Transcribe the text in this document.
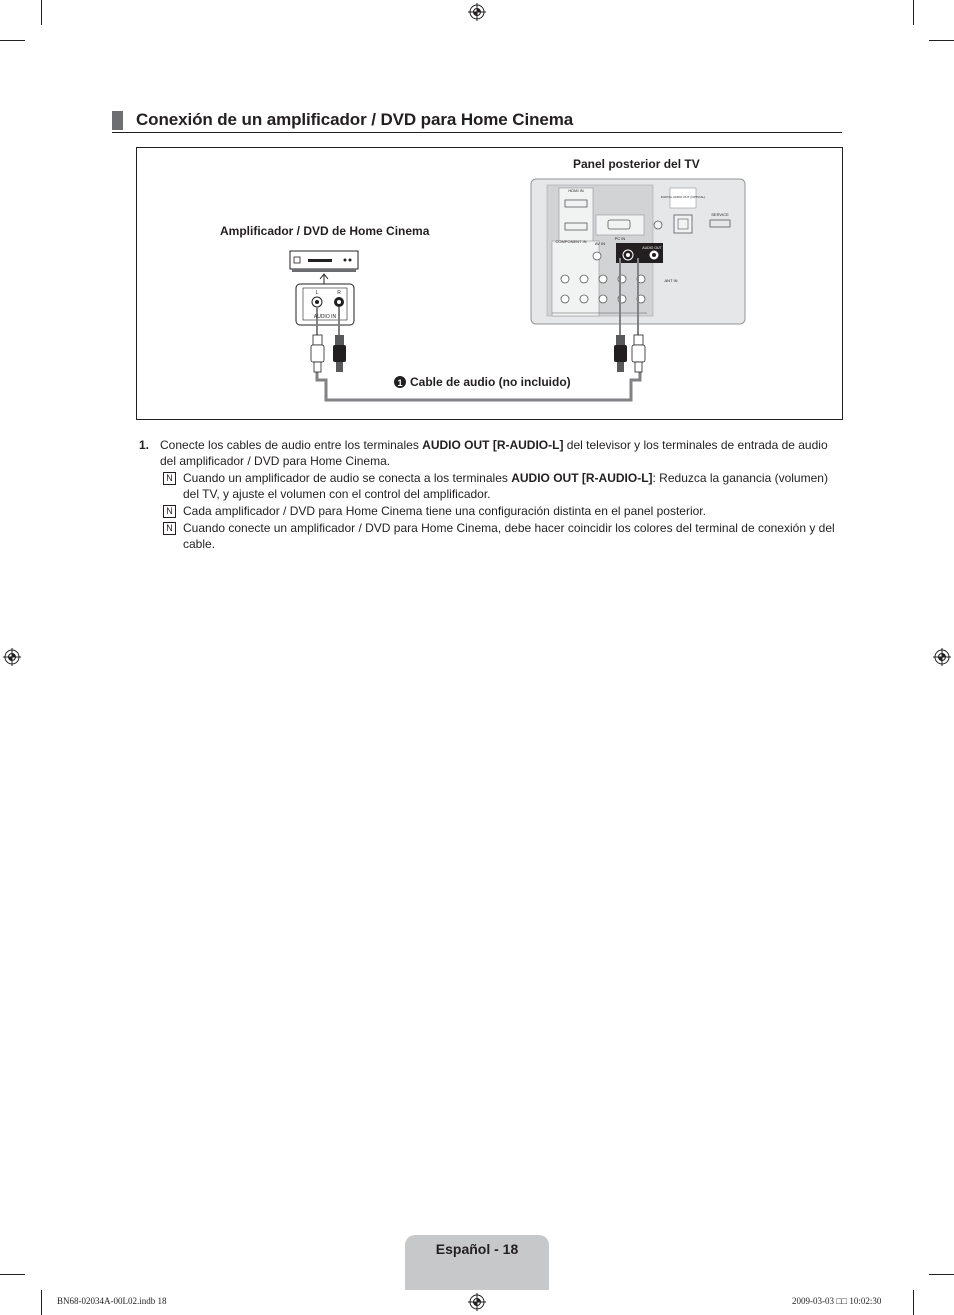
Conexión de un amplificador / DVD para Home Cinema
Panel posterior del TV
Amplificador / DVD de Home Cinema
AUDIO IN
L	R
HDMI IN
COMPONENT IN
PC IN
AV IN
AUDIO OUT
DIGITAL AUDIO OUT (OPTICAL)
SERVICE
ANT IN
1 Cable de audio (no incluido)
1. Conecte los cables de audio entre los terminales AUDIO OUT [R-AUDIO-L] del televisor y los terminales de entrada de audio del amplificador / DVD para Home Cinema.
N Cuando un amplificador de audio se conecta a los terminales AUDIO OUT [R-AUDIO-L]: Reduzca la ganancia (volumen) del TV, y ajuste el volumen con el control del amplificador.
N Cada amplificador / DVD para Home Cinema tiene una configuración distinta en el panel posterior.
N Cuando conecte un amplificador / DVD para Home Cinema, debe hacer coincidir los colores del terminal de conexión y del cable.
Español - 18
BN68-02034A-00L02.indb 18	2009-03-03 □□ 10:02:30
